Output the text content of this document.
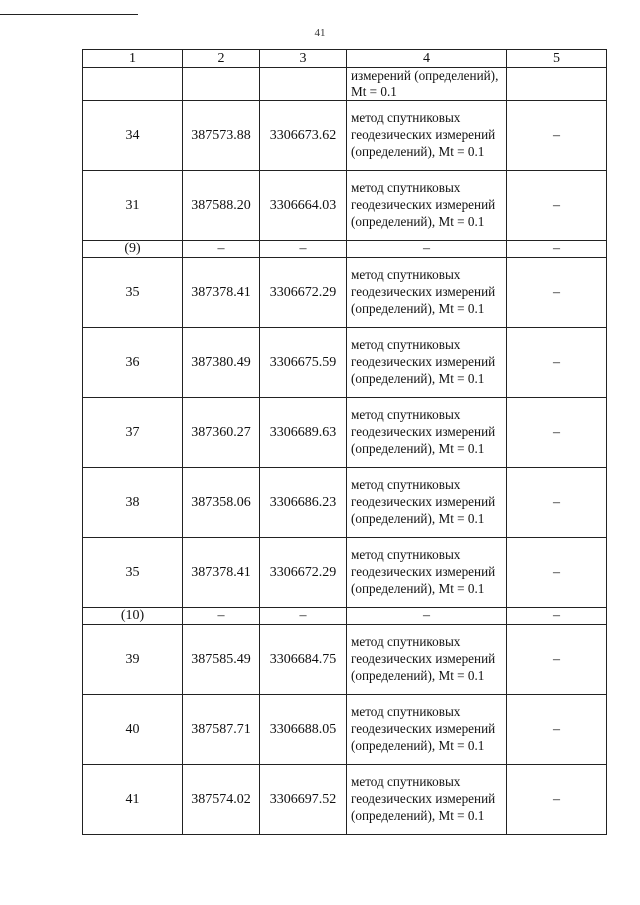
41
1	2	3	4	5
			измерений (определений), Mt = 0.1	
34	387573.88	3306673.62	метод спутниковых геодезических измерений (определений), Mt = 0.1	–
31	387588.20	3306664.03	метод спутниковых геодезических измерений (определений), Mt = 0.1	–
(9)	–	–	–	–
35	387378.41	3306672.29	метод спутниковых геодезических измерений (определений), Mt = 0.1	–
36	387380.49	3306675.59	метод спутниковых геодезических измерений (определений), Mt = 0.1	–
37	387360.27	3306689.63	метод спутниковых геодезических измерений (определений), Mt = 0.1	–
38	387358.06	3306686.23	метод спутниковых геодезических измерений (определений), Mt = 0.1	–
35	387378.41	3306672.29	метод спутниковых геодезических измерений (определений), Mt = 0.1	–
(10)	–	–	–	–
39	387585.49	3306684.75	метод спутниковых геодезических измерений (определений), Mt = 0.1	–
40	387587.71	3306688.05	метод спутниковых геодезических измерений (определений), Mt = 0.1	–
41	387574.02	3306697.52	метод спутниковых геодезических измерений (определений), Mt = 0.1	–
